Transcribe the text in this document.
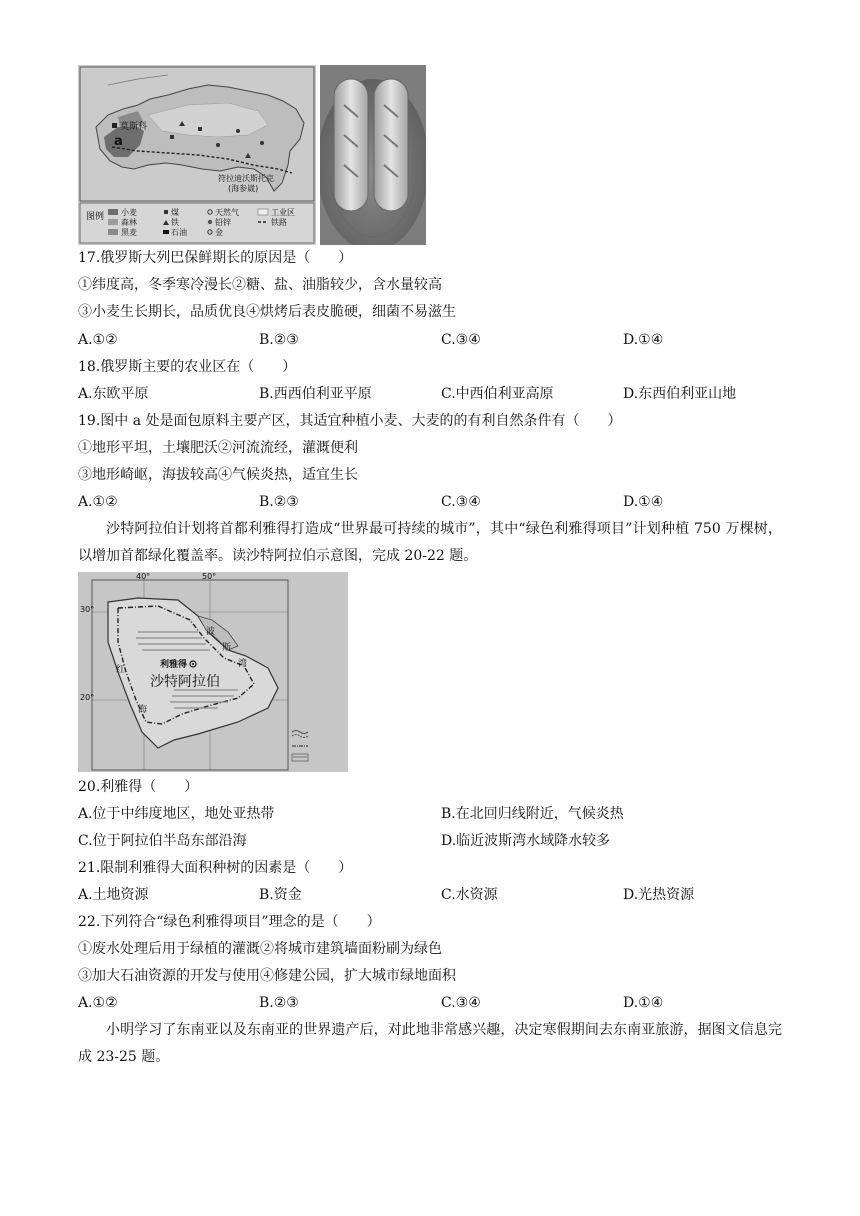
莫斯科
a
符拉迪沃斯托克
(海参崴)
图例 小麦	煤	天然气	工业区
森林	铁	铅锌	铁路
黑麦	石油	金
17.俄罗斯大列巴保鲜期长的原因是（　　）
①纬度高，冬季寒冷漫长②糖、盐、油脂较少，含水量较高
③小麦生长期长，品质优良④烘烤后表皮脆硬，细菌不易滋生
A.①②	B.②③	C.③④	D.①④
18.俄罗斯主要的农业区在（　　）
A.东欧平原	B.西西伯利亚平原	C.中西伯利亚高原	D.东西伯利亚山地
19.图中 a 处是面包原料主要产区，其适宜种植小麦、大麦的的有利自然条件有（　　）
①地形平坦，土壤肥沃②河流流经，灌溉便利
③地形崎岖，海拔较高④气候炎热，适宜生长
A.①②	B.②③	C.③④	D.①④
沙特阿拉伯计划将首都利雅得打造成“世界最可持续的城市”，其中“绿色利雅得项目”计划种植 750 万棵树，以增加首都绿化覆盖率。读沙特阿拉伯示意图，完成 20-22 题。
40°	50°
30°
20°
利雅得
沙特阿拉伯
红
海
波
斯
湾
20.利雅得（　　）
A.位于中纬度地区，地处亚热带	B.在北回归线附近，气候炎热
C.位于阿拉伯半岛东部沿海	D.临近波斯湾水域降水较多
21.限制利雅得大面积种树的因素是（　　）
A.土地资源	B.资金	C.水资源	D.光热资源
22.下列符合“绿色利雅得项目”理念的是（　　）
①废水处理后用于绿植的灌溉②将城市建筑墙面粉刷为绿色
③加大石油资源的开发与使用④修建公园，扩大城市绿地面积
A.①②	B.②③	C.③④	D.①④
小明学习了东南亚以及东南亚的世界遗产后，对此地非常感兴趣，决定寒假期间去东南亚旅游，据图文信息完成 23-25 题。
